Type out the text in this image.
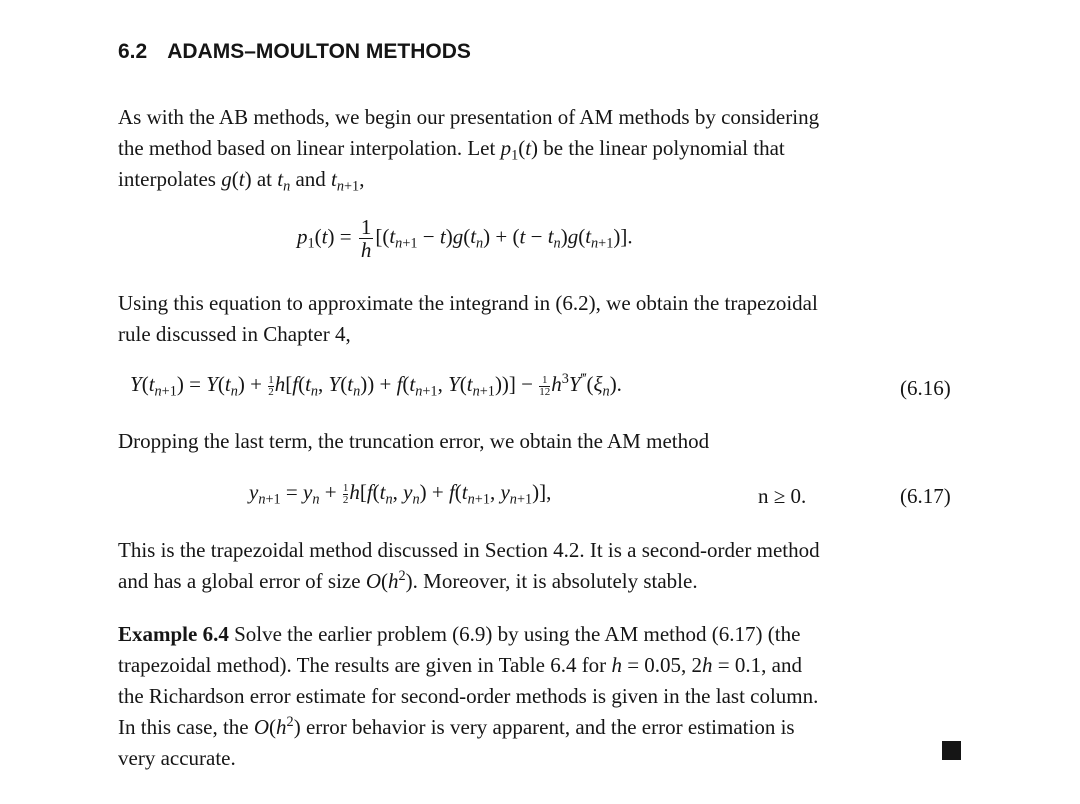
6.2 ADAMS–MOULTON METHODS
As with the AB methods, we begin our presentation of AM methods by considering
the method based on linear interpolation. Let $p_1(t)$ be the linear polynomial that
interpolates g(t) at $t_n$ and $t_{n+1}$,
$p_1(t) = \frac{1}{h} [(t_{n+1} - t)g(t_n) + (t - t_n)g(t_{n+1})]$.
Using this equation to approximate the integrand in (6.2), we obtain the trapezoidal
rule discussed in Chapter 4,
$Y(t_{n+1}) = Y(t_n) + \frac{1}{2} h[f(t_n$, $Y(t_n)) + f(t_{n+1}$, $Y(t_{n+1}))] - \frac{1}{12} h^3Y^‴(\xi_n)$.	(6.16)
Dropping the last term, the truncation error, we obtain the AM method
$y_{n+1} = y_n + \frac{1}{2} h[f(t_n$, $y_n) + f(t_{n+1}$, $y_{n+1}$)],	n ≥ 0.	(6.17)
This is the trapezoidal method discussed in Section 4.2. It is a second-order method
and has a global error of size $O(h^2)$. Moreover, it is absolutely stable.
Example 6.4 Solve the earlier problem (6.9) by using the AM method (6.17) (the
trapezoidal method). The results are given in Table 6.4 for h = 0.05, 2h = 0.1, and
the Richardson error estimate for second-order methods is given in the last column.
In this case, the $O(h^2)$ error behavior is very apparent, and the error estimation is
very accurate.
